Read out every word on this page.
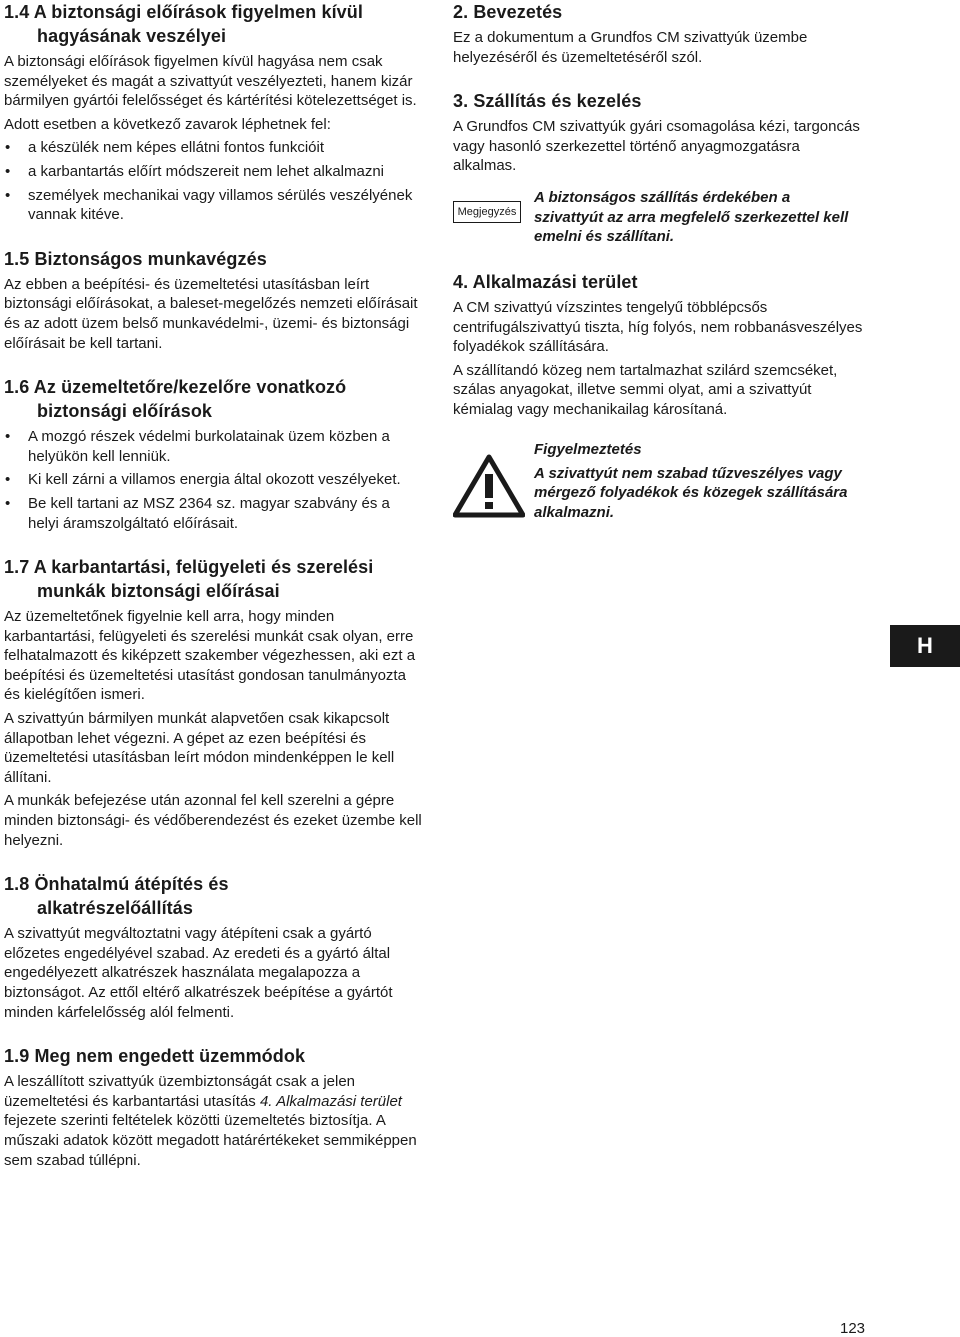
1.4 A biztonsági előírások figyelmen kívül
hagyásának veszélyei

A biztonsági előírások figyelmen kívül hagyása nem csak személyeket és magát a szivattyút veszélyezteti, hanem kizár bármilyen gyártói felelősséget és kártérítési kötelezettséget is.

Adott esetben a következő zavarok léphetnek fel:

• a készülék nem képes ellátni fontos funkcióit
• a karbantartás előírt módszereit nem lehet alkalmazni
• személyek mechanikai vagy villamos sérülés veszélyének vannak kitéve.
1.5 Biztonságos munkavégzés

Az ebben a beépítési- és üzemeltetési utasításban leírt biztonsági előírásokat, a baleset-megelőzés nemzeti előírásait és az adott üzem belső munkavédelmi-, üzemi- és biztonsági előírásait be kell tartani.

1.6 Az üzemeltetőre/kezelőre vonatkozó
biztonsági előírások
• A mozgó részek védelmi burkolatainak üzem közben a helyükön kell lenniük.
• Ki kell zárni a villamos energia által okozott veszélyeket.
• Be kell tartani az MSZ 2364 sz. magyar szabvány és a helyi áramszolgáltató előírásait.
1.7 A karbantartási, felügyeleti és szerelési
munkák biztonsági előírásai

Az üzemeltetőnek figyelnie kell arra, hogy minden karbantartási, felügyeleti és szerelési munkát csak olyan, erre felhatalmazott és kiképzett szakember végezhessen, aki ezt a beépítési és üzemeltetési utasítást gondosan tanulmányozta és kielégítően ismeri.

A szivattyún bármilyen munkát alapvetően csak kikapcsolt állapotban lehet végezni. A gépet az ezen beépítési és üzemeltetési utasításban leírt módon mindenképpen le kell állítani.

A munkák befejezése után azonnal fel kell szerelni a gépre minden biztonsági- és védőberendezést és ezeket üzembe kell helyezni.

1.8 Önhatalmú átépítés és
alkatrészelőállítás

A szivattyút megváltoztatni vagy átépíteni csak a gyártó előzetes engedélyével szabad. Az eredeti és a gyártó által engedélyezett alkatrészek használata megalapozza a biztonságot. Az ettől eltérő alkatrészek beépítése a gyártót minden kárfelelősség alól felmenti.

1.9 Meg nem engedett üzemmódok

A leszállított szivattyúk üzembiztonságát csak a jelen üzemeltetési és karbantartási utasítás 4. Alkalmazási terület fejezete szerinti feltételek közötti üzemeltetés biztosítja. A műszaki adatok között megadott határértékeket semmiképpen sem szabad túllépni.

2. Bevezetés

Ez a dokumentum a Grundfos CM szivattyúk üzembe helyezéséről és üzemeltetéséről szól.

3. Szállítás és kezelés

A Grundfos CM szivattyúk gyári csomagolása kézi, targoncás vagy hasonló szerkezettel történő anyagmozgatásra alkalmas.

Megjegyzés
A biztonságos szállítás érdekében a szivattyút az arra megfelelő szerkezettel kell emelni és szállítani.
4. Alkalmazási terület

A CM szivattyú vízszintes tengelyű többlépcsős centrifugálszivattyú tiszta, híg folyós, nem robbanásveszélyes folyadékok szállítására.

A szállítandó közeg nem tartalmazhat szilárd szemcséket, szálas anyagokat, illetve semmi olyat, ami a szivattyút kémialag vagy mechanikailag károsítaná.

Figyelmeztetés
A szivattyút nem szabad tűzveszélyes vagy mérgező folyadékok és közegek szállítására alkalmazni.
H
123
